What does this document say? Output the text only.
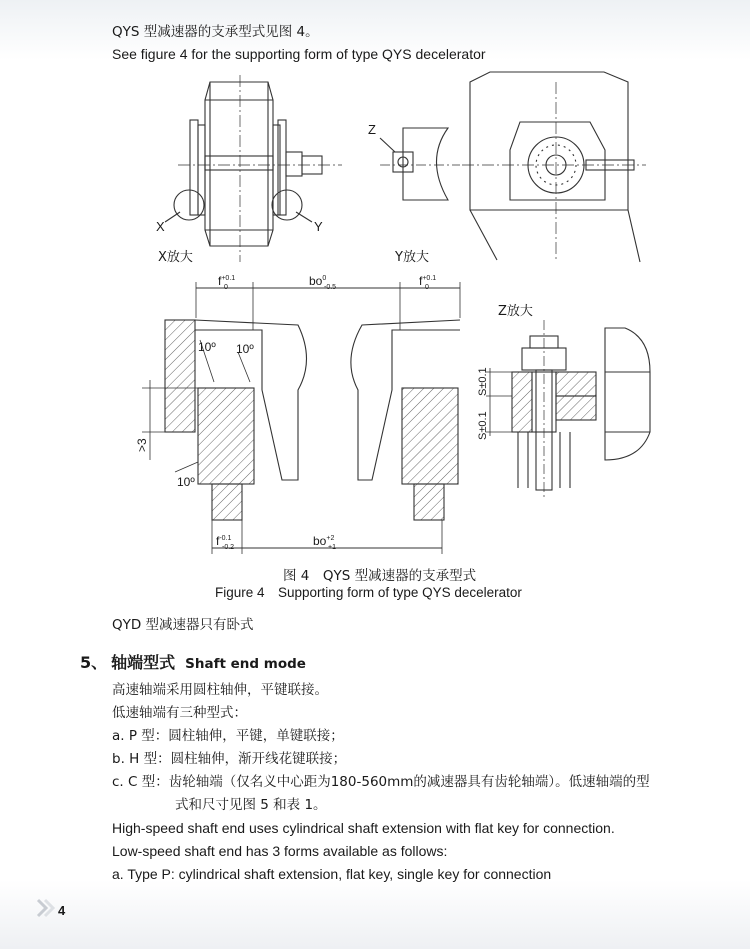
QYS 型减速器的支承型式见图 4。
See figure 4 for the supporting form of type QYS decelerator
X	Y
Z
X放大	Y放大
Z放大
$f^{+0.1}$
0	$bo^0$
-0.5	$f^{+0.1}$
0
10º 10º
10º
>3
$f^{-0.1}$
-0.2	$bo^{+2}$
+1
S±0.1
S±0.1
图 4　QYS 型减速器的支承型式
Figure 4　Supporting form of type QYS decelerator
QYD 型减速器只有卧式
5、 轴端型式 Shaft end mode
高速轴端采用圆柱轴伸，平键联接。
低速轴端有三种型式：
a. P 型：圆柱轴伸，平键，单键联接；
b. H 型：圆柱轴伸，渐开线花键联接；
c. C 型：齿轮轴端（仅名义中心距为180-560mm的减速器具有齿轮轴端）。低速轴端的型
式和尺寸见图 5 和表 1。
High-speed shaft end uses cylindrical shaft extension with flat key for connection.
Low-speed shaft end has 3 forms available as follows:
a. Type P: cylindrical shaft extension, flat key, single key for connection
4
